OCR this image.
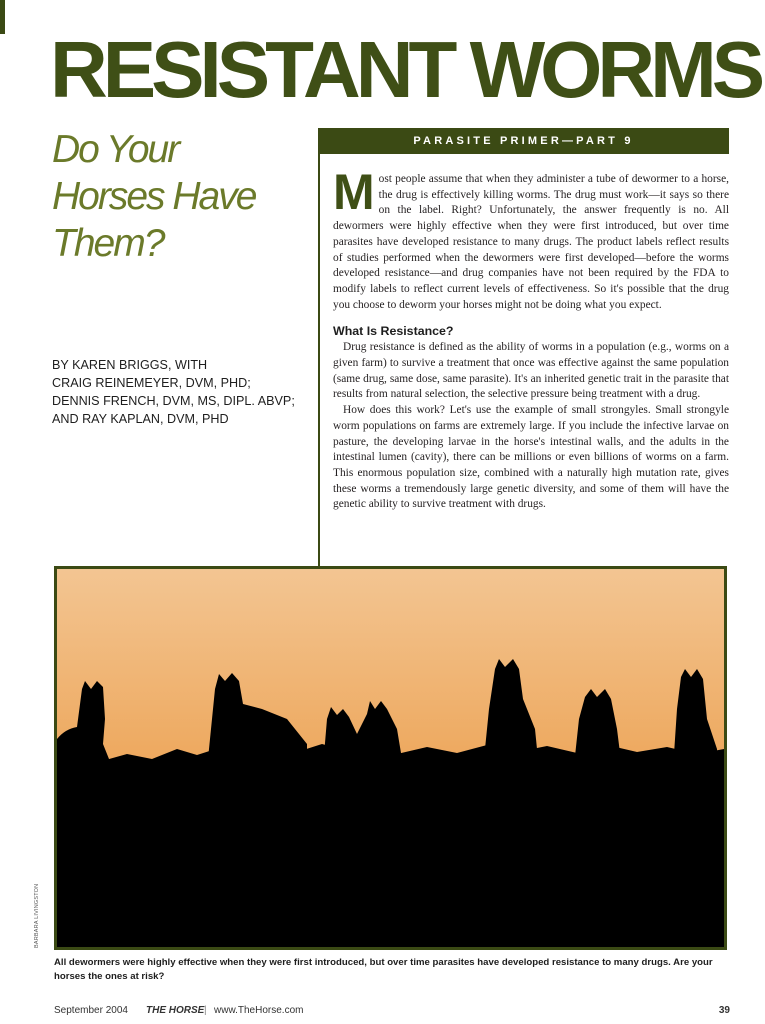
RESISTANT WORMS
Do Your Horses Have Them?

BY KAREN BRIGGS, WITH
CRAIG REINEMEYER, DVM, PHD;
DENNIS FRENCH, DVM, MS, DIPL. ABVP;
AND RAY KAPLAN, DVM, PHD

PARASITE PRIMER—PART 9

Most people assume that when they administer a tube of dewormer to a horse, the drug is effectively killing worms. The drug must work—it says so there on the label. Right? Unfortunately, the answer frequently is no. All dewormers were highly effective when they were first introduced, but over time parasites have developed resistance to many drugs. The product labels reflect results of studies performed when the dewormers were first developed—before the worms developed resistance—and drug companies have not been required by the FDA to modify labels to reflect current levels of effectiveness. So it's possible that the drug you choose to deworm your horses might not be doing what you expect.

What Is Resistance?

Drug resistance is defined as the ability of worms in a population (e.g., worms on a given farm) to survive a treatment that once was effective against the same population (same drug, same dose, same parasite). It's an inherited genetic trait in the parasite that results from natural selection, the selective pressure being treatment with a drug.

How does this work? Let's use the example of small strongyles. Small strongyle worm populations on farms are extremely large. If you include the infective larvae on pasture, the developing larvae in the horse's intestinal walls, and the adults in the intestinal lumen (cavity), there can be millions or even billions of worms on a farm. This enormous population size, combined with a naturally high mutation rate, gives these worms a tremendously large genetic diversity, and some of them will have the genetic ability to survive treatment with drugs.

BARBARA LIVINGSTON

All dewormers were highly effective when they were first introduced, but over time parasites have developed resistance to many drugs. Are your horses the ones at risk?

September 2004 THE HORSE | www.TheHorse.com	39
